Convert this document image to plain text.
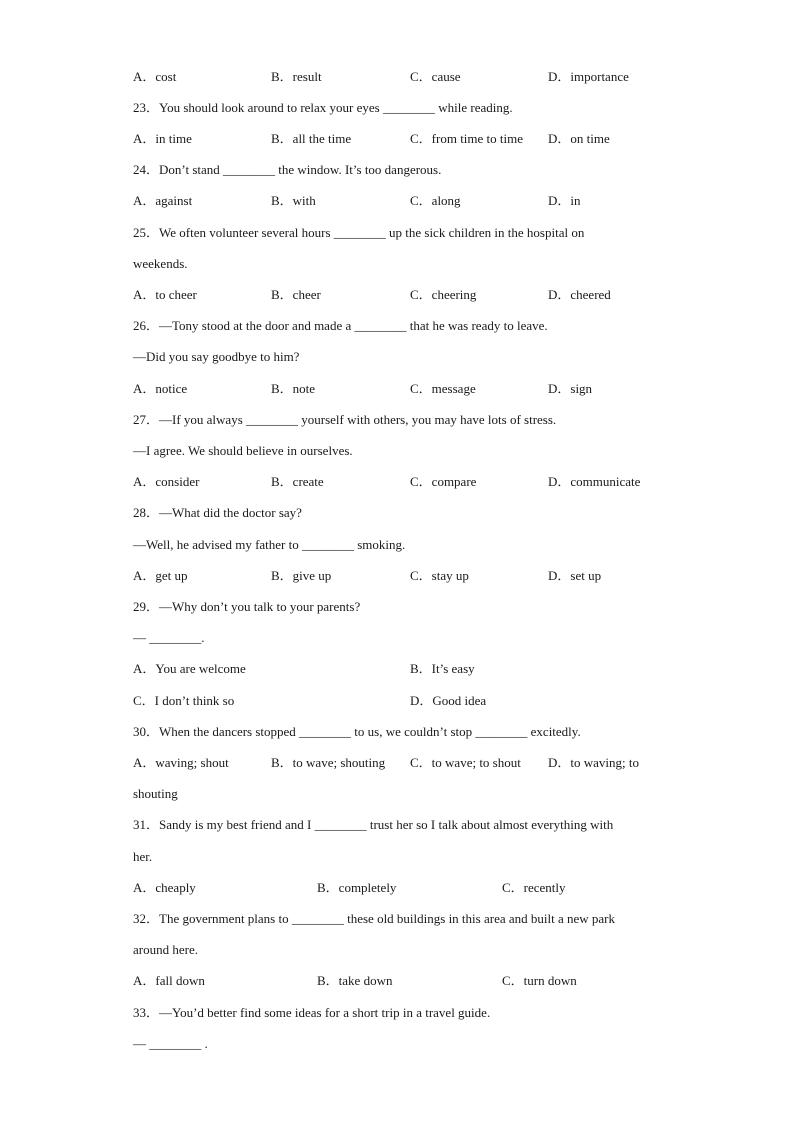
A．cost	B．result	C．cause	D．importance
23．You should look around to relax your eyes ________ while reading.
A．in time	B．all the time	C．from time to time D．on time
24．Don’t stand ________ the window. It’s too dangerous.
A．against	B．with	C．along	D．in
25．We often volunteer several hours ________ up the sick children in the hospital on
weekends.
A．to cheer	B．cheer	C．cheering	D．cheered
26．—Tony stood at the door and made a ________ that he was ready to leave.
—Did you say goodbye to him?
A．notice	B．note	C．message	D．sign
27．—If you always ________ yourself with others, you may have lots of stress.
—I agree. We should believe in ourselves.
A．consider	B．create	C．compare	D．communicate
28．—What did the doctor say?
—Well, he advised my father to ________ smoking.
A．get up	B．give up	C．stay up	D．set up
29．—Why don’t you talk to your parents?
— ________.
A．You are welcome	B．It’s easy
C．I don’t think so	D．Good idea
30．When the dancers stopped ________ to us, we couldn’t stop ________ excitedly.
A．waving; shout	B．to wave; shouting C．to wave; to shout D．to waving; to
shouting
31．Sandy is my best friend and I ________ trust her so I talk about almost everything with
her.
A．cheaply	B．completely	C．recently
32．The government plans to ________ these old buildings in this area and built a new park
around here.
A．fall down	B．take down	C．turn down
33．—You’d better find some ideas for a short trip in a travel guide.
— ________ .
